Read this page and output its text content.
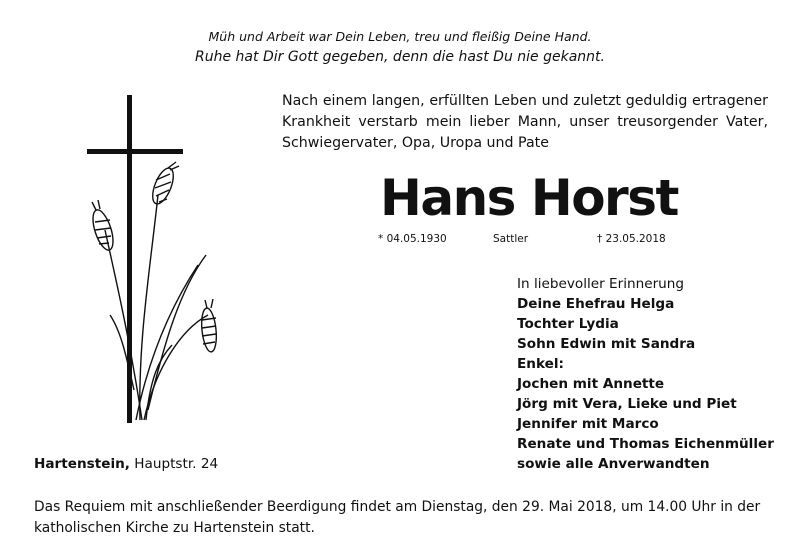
Müh und Arbeit war Dein Leben, treu und fleißig Deine Hand.
Ruhe hat Dir Gott gegeben, denn die hast Du nie gekannt.
Nach einem langen, erfüllten Leben und zuletzt geduldig ertragener Krankheit verstarb mein lieber Mann, unser treusorgender Vater, Schwiegervater, Opa, Uropa und Pate
Hans Horst
* 04.05.1930	Sattler	† 23.05.2018
In liebevoller Erinnerung
Deine Ehefrau Helga
Tochter Lydia
Sohn Edwin mit Sandra
Enkel:
Jochen mit Annette
Jörg mit Vera, Lieke und Piet
Jennifer mit Marco
Renate und Thomas Eichenmüller
sowie alle Anverwandten
Hartenstein, Hauptstr. 24
Das Requiem mit anschließender Beerdigung findet am Dienstag, den 29. Mai 2018, um 14.00 Uhr in der katholischen Kirche zu Hartenstein statt.
